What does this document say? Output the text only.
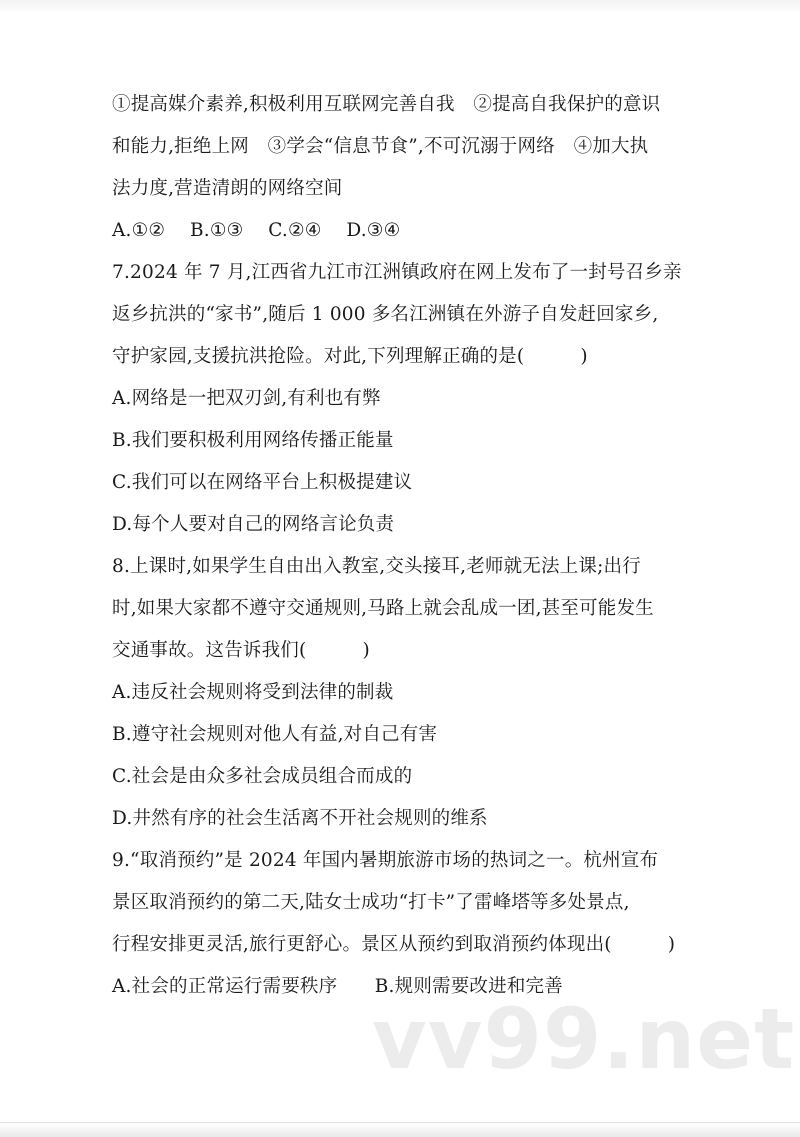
①提高媒介素养,积极利用互联网完善自我　②提高自我保护的意识
和能力,拒绝上网　③学会“信息节食”,不可沉溺于网络　④加大执
法力度,营造清朗的网络空间
A.①②　 B.①③　 C.②④　 D.③④
7.2024 年 7 月,江西省九江市江洲镇政府在网上发布了一封号召乡亲
返乡抗洪的“家书”,随后 1 000 多名江洲镇在外游子自发赶回家乡,
守护家园,支援抗洪抢险。对此,下列理解正确的是(　　　)
A.网络是一把双刃剑,有利也有弊
B.我们要积极利用网络传播正能量
C.我们可以在网络平台上积极提建议
D.每个人要对自己的网络言论负责
8.上课时,如果学生自由出入教室,交头接耳,老师就无法上课;出行
时,如果大家都不遵守交通规则,马路上就会乱成一团,甚至可能发生
交通事故。这告诉我们(　　　)
A.违反社会规则将受到法律的制裁
B.遵守社会规则对他人有益,对自己有害
C.社会是由众多社会成员组合而成的
D.井然有序的社会生活离不开社会规则的维系
9.“取消预约”是 2024 年国内暑期旅游市场的热词之一。杭州宣布
景区取消预约的第二天,陆女士成功“打卡”了雷峰塔等多处景点,
行程安排更灵活,旅行更舒心。景区从预约到取消预约体现出(　　　)
A.社会的正常运行需要秩序　　B.规则需要改进和完善
vv99.net
